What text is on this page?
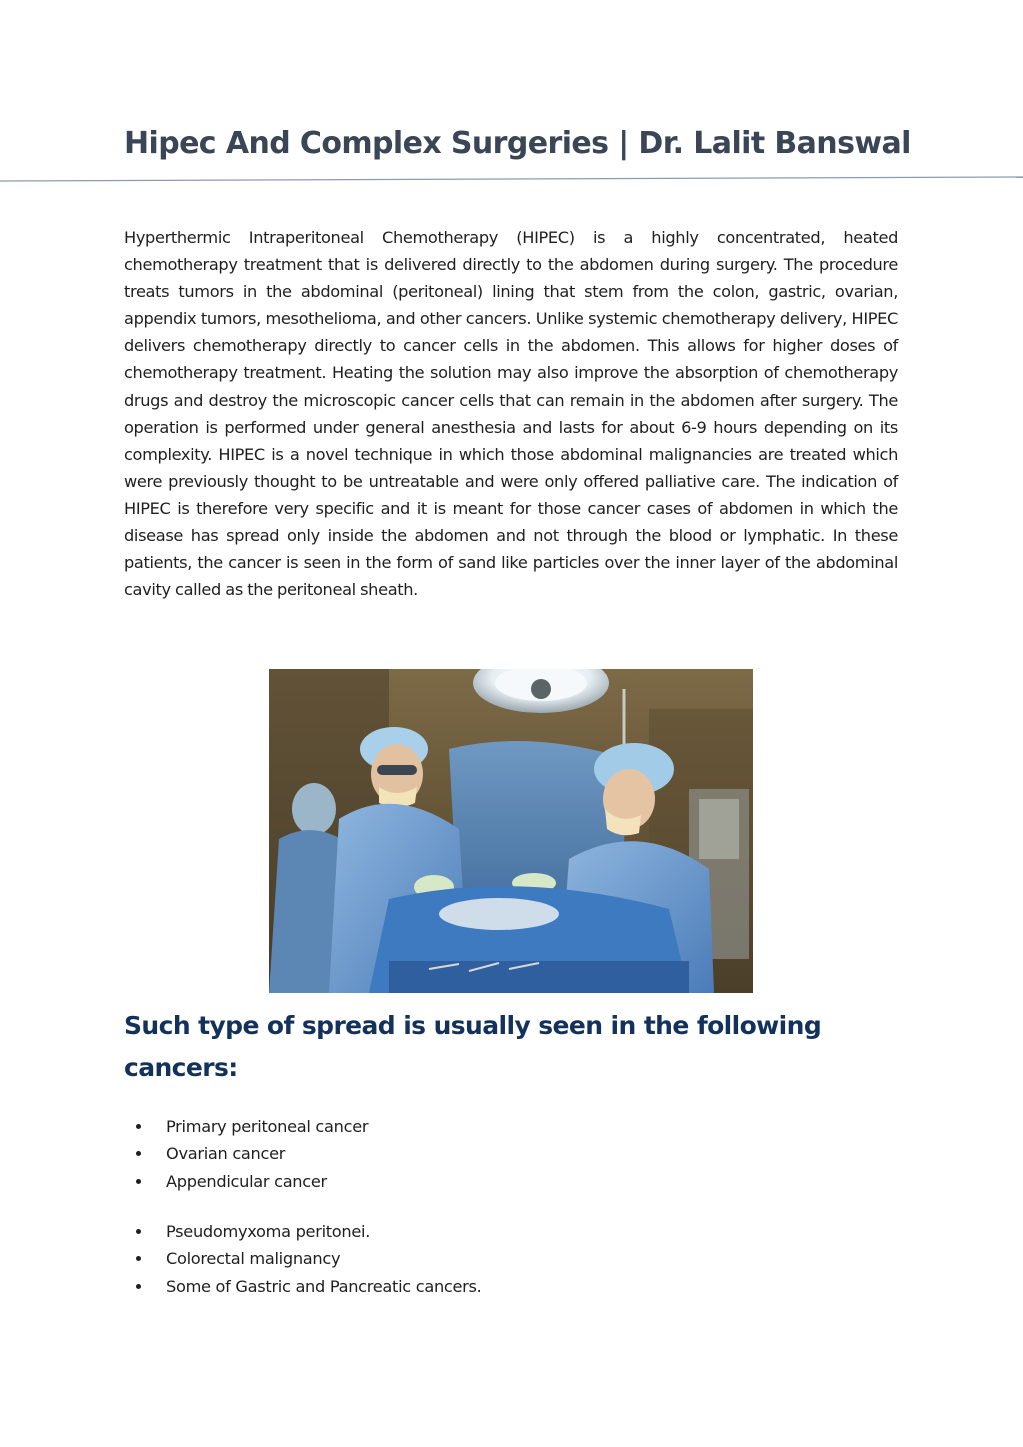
Hipec And Complex Surgeries | Dr. Lalit Banswal

Hyperthermic Intraperitoneal Chemotherapy (HIPEC) is a highly concentrated, heated chemotherapy treatment that is delivered directly to the abdomen during surgery. The procedure treats tumors in the abdominal (peritoneal) lining that stem from the colon, gastric, ovarian, appendix tumors, mesothelioma, and other cancers. Unlike systemic chemotherapy delivery, HIPEC delivers chemotherapy directly to cancer cells in the abdomen. This allows for higher doses of chemotherapy treatment. Heating the solution may also improve the absorption of chemotherapy drugs and destroy the microscopic cancer cells that can remain in the abdomen after surgery. The operation is performed under general anesthesia and lasts for about 6-9 hours depending on its complexity. HIPEC is a novel technique in which those abdominal malignancies are treated which were previously thought to be untreatable and were only offered palliative care. The indication of HIPEC is therefore very specific and it is meant for those cancer cases of abdomen in which the disease has spread only inside the abdomen and not through the blood or lymphatic. In these patients, the cancer is seen in the form of sand like particles over the inner layer of the abdominal cavity called as the peritoneal sheath.

Such type of spread is usually seen in the following cancers:
Primary peritoneal cancer
Ovarian cancer
Appendicular cancer
Pseudomyxoma peritonei.
Colorectal malignancy
Some of Gastric and Pancreatic cancers.
